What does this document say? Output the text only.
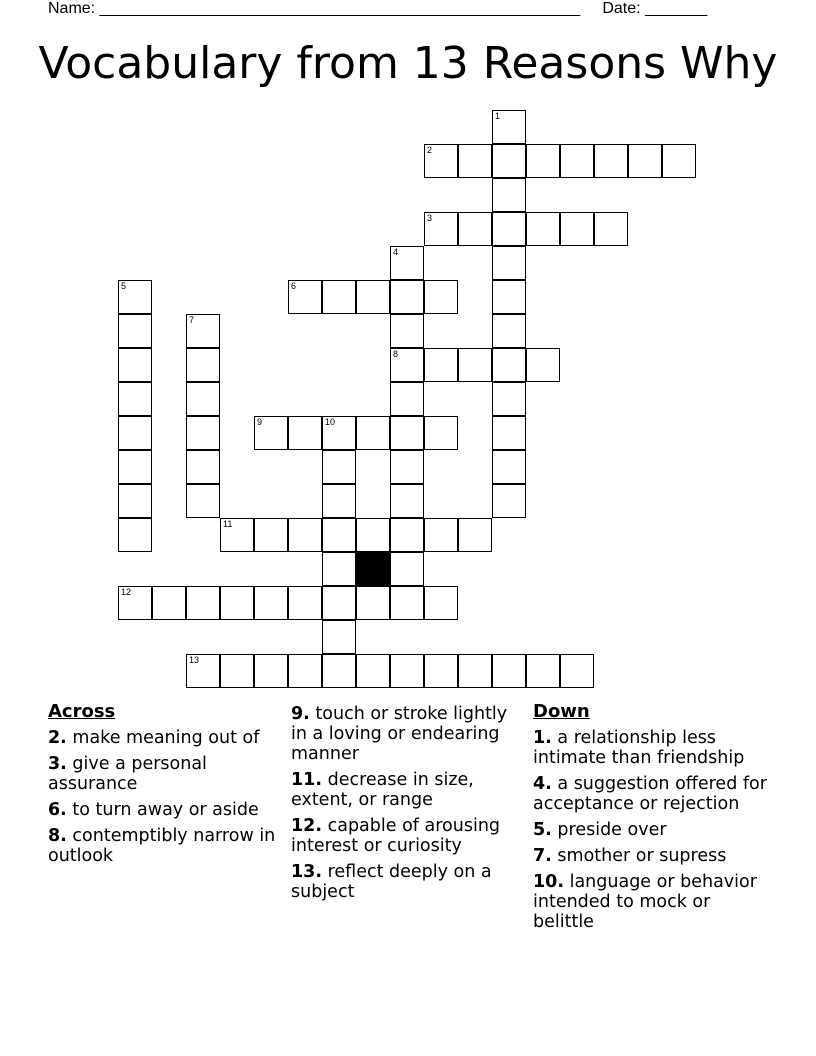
Name: ______________________________________________________     Date: _______
Vocabulary from 13 Reasons Why
1
2
3
4
5	6
7
8
9	10
11
12
13
Across
2. make meaning out of
3. give a personal assurance
6. to turn away or aside
8. contemptibly narrow in outlook
9. touch or stroke lightly in a loving or endearing manner
11. decrease in size, extent, or range
12. capable of arousing interest or curiosity
13. reflect deeply on a subject
Down
1. a relationship less intimate than friendship
4. a suggestion offered for acceptance or rejection
5. preside over
7. smother or supress
10. language or behavior intended to mock or belittle
